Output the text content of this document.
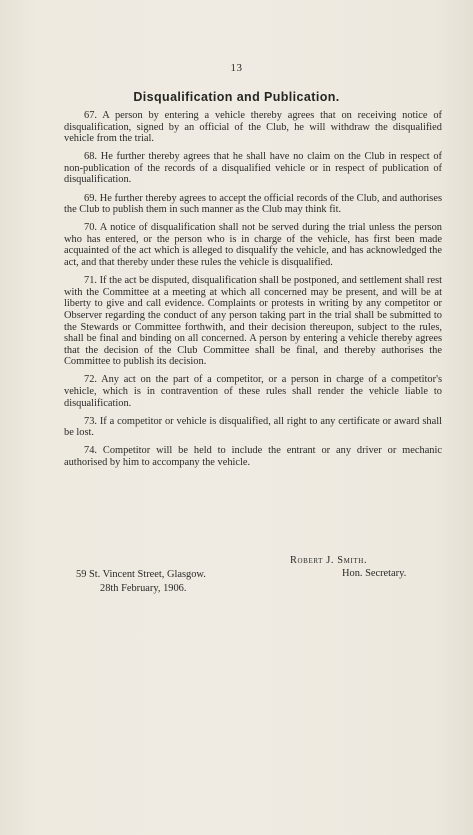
13
Disqualification and Publication.

67. A person by entering a vehicle thereby agrees that on receiving notice of disqualification, signed by an official of the Club, he will withdraw the disqualified vehicle from the trial.

68. He further thereby agrees that he shall have no claim on the Club in respect of non-publication of the records of a disqualified vehicle or in respect of publication of disqualification.

69. He further thereby agrees to accept the official records of the Club, and authorises the Club to publish them in such manner as the Club may think fit.

70. A notice of disqualification shall not be served during the trial unless the person who has entered, or the person who is in charge of the vehicle, has first been made acquainted of the act which is alleged to disqualify the vehicle, and has acknowledged the act, and that thereby under these rules the vehicle is disqualified.

71. If the act be disputed, disqualification shall be postponed, and settlement shall rest with the Committee at a meeting at which all concerned may be present, and will be at liberty to give and call evidence. Complaints or protests in writing by any competitor or Observer regarding the conduct of any person taking part in the trial shall be submitted to the Stewards or Committee forthwith, and their decision thereupon, subject to the rules, shall be final and binding on all concerned. A person by entering a vehicle thereby agrees that the decision of the Club Committee shall be final, and thereby authorises the Committee to publish its decision.

72. Any act on the part of a competitor, or a person in charge of a competitor's vehicle, which is in contravention of these rules shall render the vehicle liable to disqualification.

73. If a competitor or vehicle is disqualified, all right to any certificate or award shall be lost.

74. Competitor will be held to include the entrant or any driver or mechanic authorised by him to accompany the vehicle.

Robert J. Smith.
Hon. Secretary.
59 St. Vincent Street, Glasgow.
28th February, 1906.
